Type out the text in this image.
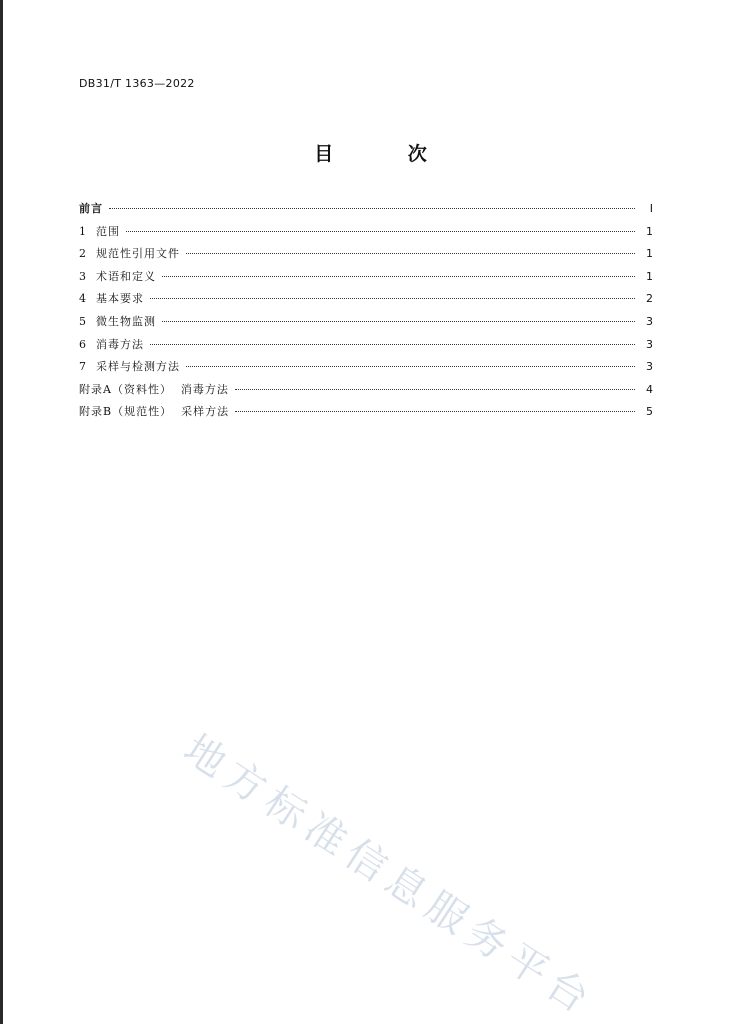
DB31/T 1363—2022
目 次
前言	I
1  范围	1
2  规范性引用文件	1
3  术语和定义	1
4  基本要求	2
5  微生物监测	3
6  消毒方法	3
7  采样与检测方法	3
附录A（资料性）  消毒方法	4
附录B（规范性）  采样方法	5
地方标准信息服务平台
